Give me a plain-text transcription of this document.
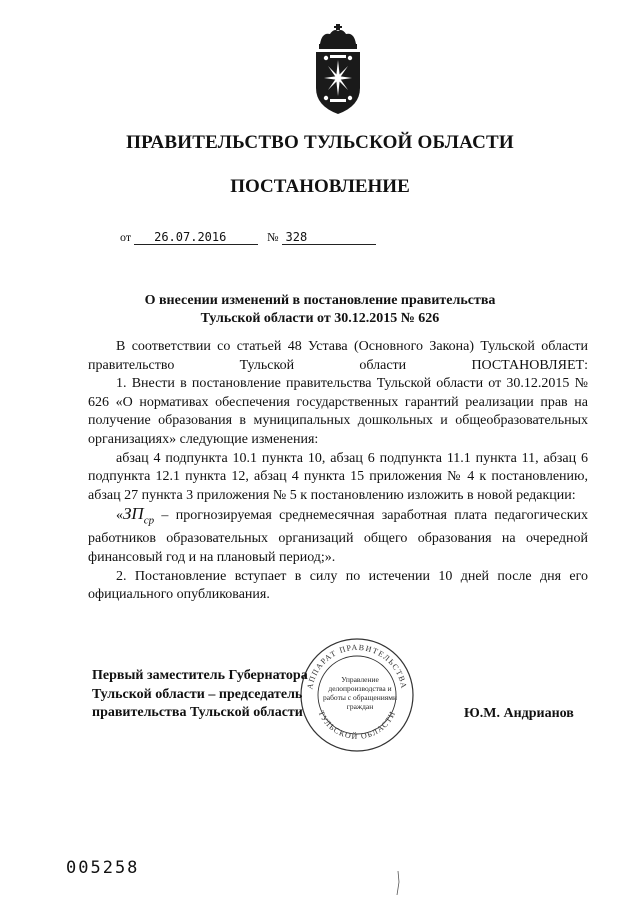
ПРАВИТЕЛЬСТВО ТУЛЬСКОЙ ОБЛАСТИ
ПОСТАНОВЛЕНИЕ
от 26.07.2016	№ 328
О внесении изменений в постановление правительства
Тульской области от 30.12.2015 № 626

В соответствии со статьей 48 Устава (Основного Закона) Тульской области правительство Тульской области ПОСТАНОВЛЯЕТ:

1. Внести в постановление правительства Тульской области от 30.12.2015 № 626 «О нормативах обеспечения государственных гарантий реализации прав на получение образования в муниципальных дошкольных и общеобразовательных организациях» следующие изменения:

абзац 4 подпункта 10.1 пункта 10, абзац 6 подпункта 11.1 пункта 11, абзац 6 подпункта 12.1 пункта 12, абзац 4 пункта 15 приложения № 4 к постановлению, абзац 27 пункта 3 приложения № 5 к постановлению изложить в новой редакции:

«$ЗП_{ср}$ – прогнозируемая среднемесячная заработная плата педагогических работников образовательных организаций общего образования на очередной финансовый год и на плановый период;».

2. Постановление вступает в силу по истечении 10 дней после дня его официального опубликования.

АППАРАТ ПРАВИТЕЛЬСТВА
ТУЛЬСКОЙ ОБЛАСТИ
Управление делопроизводства и работы с обращениями граждан
Первый заместитель Губернатора
Тульской области – председатель
правительства Тульской области	Ю.М. Андрианов
005258
